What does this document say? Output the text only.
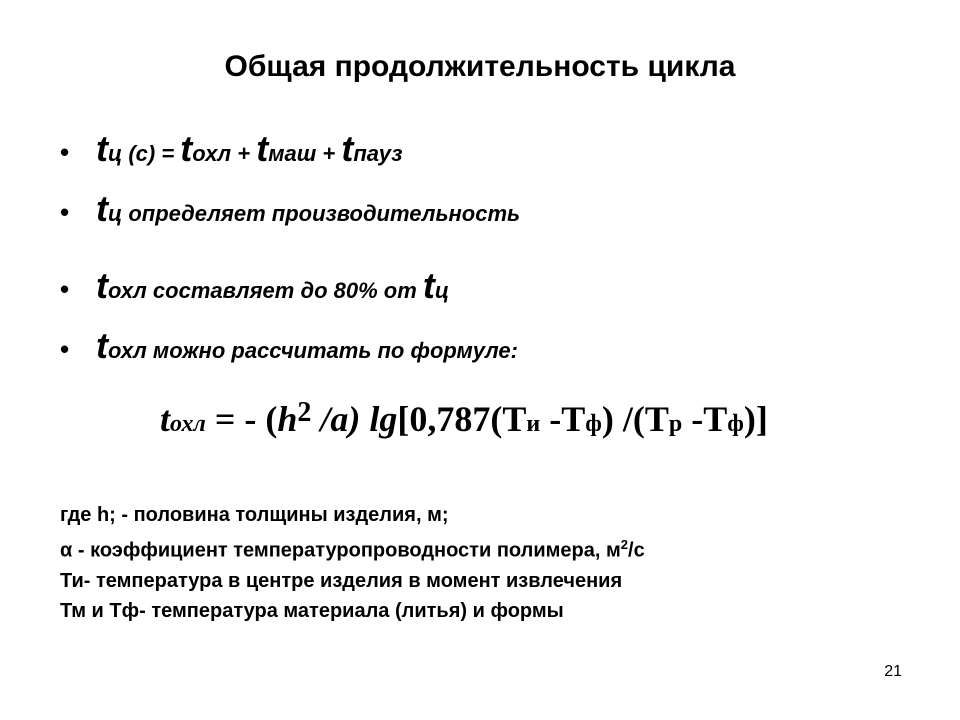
Общая продолжительность цикла
• tц (с) = tохл + tмаш + tпауз
• tц определяет производительность
• tохл составляет до 80% от tц
• tохл можно рассчитать по формуле:
tохл = - ($h^2$ /a) lg[0,787(Ти -Тф) /(Тр -Тф)]
где h; - половина толщины изделия, м;
α - коэффициент температуропроводности полимера, $м^2/с$
Ти- температура в центре изделия в момент извлечения
Тм и Тф- температура материала (литья) и формы
21
